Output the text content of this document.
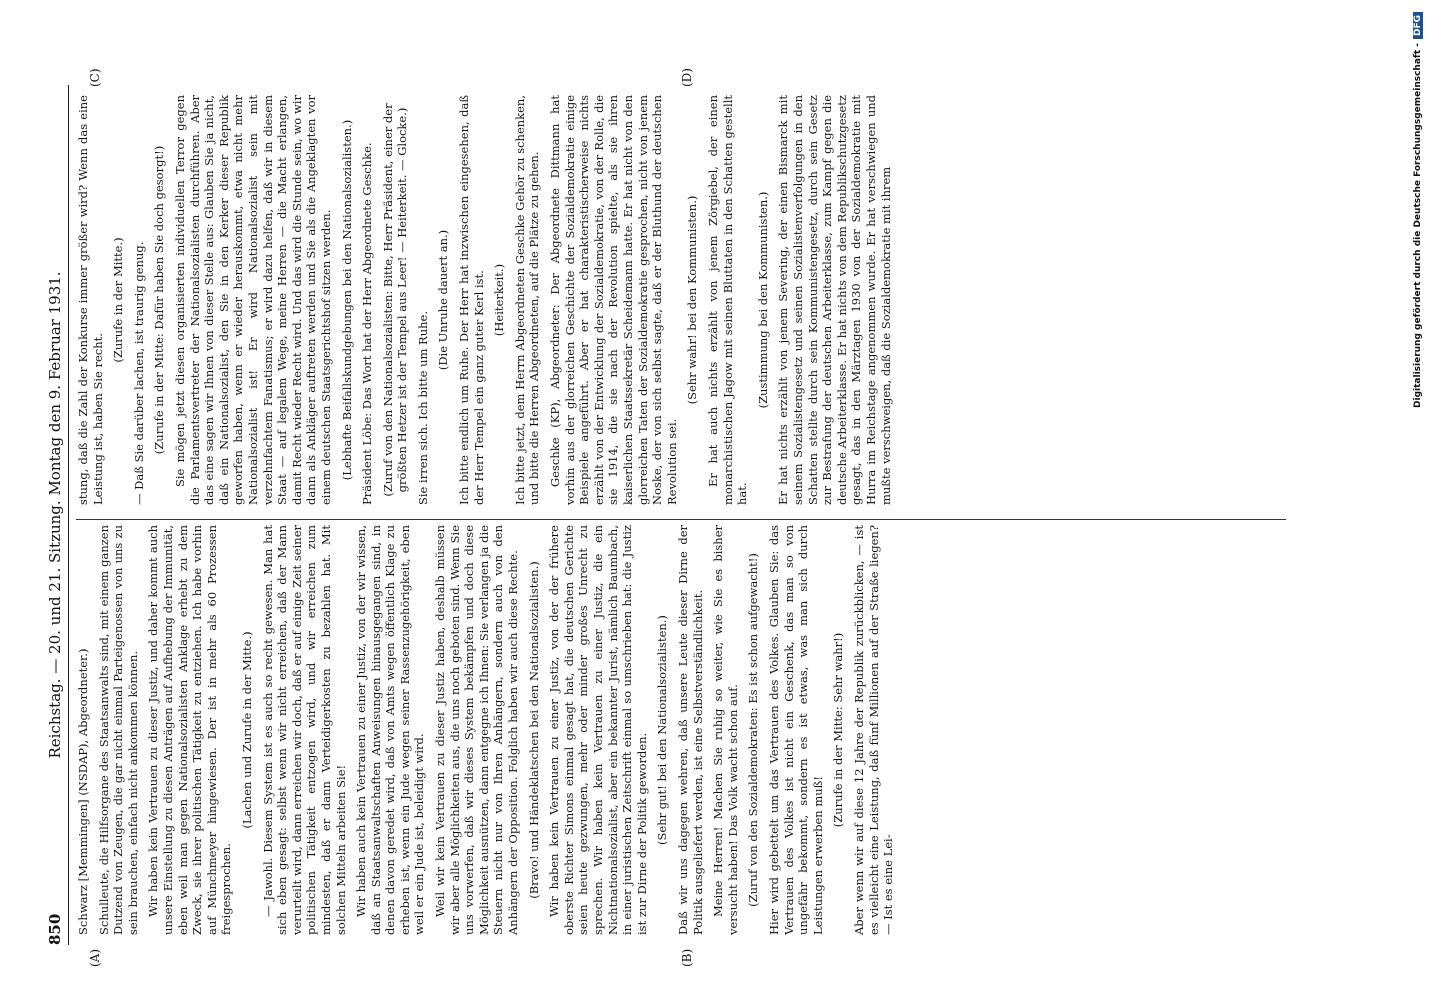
850
Reichstag. — 20. und 21. Sitzung. Montag den 9. Februar 1931.
(A)	(B)
(C)	(D)

Schwarz [Memmingen] (NSDAP), Abgeordneter.) Schulleute, die Hilfsorgane des Staatsanwalts sind, mit einem ganzen Dutzend von Zeugen, die gar nicht einmal Parteigenossen von uns zu sein brauchen, einfach nicht ankommen können. Wir haben kein Vertrauen zu dieser Justiz, und daher kommt auch unsere Einstellung zu diesen Anträgen auf Aufhebung der Immunität, eben weil man gegen Nationalsozialisten Anklage erhebt zu dem Zweck, sie ihrer politischen Tätigkeit zu entziehen. Ich habe vorhin auf Münchmeyer hingewiesen. Der ist in mehr als 60 Prozessen freigesprochen.

(Lachen und Zurufe in der Mitte.) — Jawohl. Diesem System ist es auch so recht gewesen. Man hat sich eben gesagt: selbst wenn wir nicht erreichen, daß der Mann verurteilt wird, dann erreichen wir doch, daß er auf einige Zeit seiner politischen Tätigkeit entzogen wird, und wir erreichen zum mindesten, daß er dann Verteidigerkosten zu bezahlen hat. Mit solchen Mitteln arbeiten Sie! Wir haben auch kein Vertrauen zu einer Justiz, von der wir wissen, daß an Staatsanwaltschaften Anweisungen hinausgegangen sind, in denen davon geredet wird, daß von Amts wegen öffentlich Klage zu erheben ist, wenn ein Jude wegen seiner Rassenzugehörigkeit, eben weil er ein Jude ist, beleidigt wird. Weil wir kein Vertrauen zu dieser Justiz haben, deshalb müssen wir aber alle Möglichkeiten aus, die uns noch geboten sind. Wenn Sie uns vorwerfen, daß wir dieses System bekämpfen und doch diese Möglichkeit ausnützen, dann entgegne ich Ihnen: Sie verlangen ja die Steuern nicht nur von Ihren Anhängern, sondern auch von den Anhängern der Opposition. Folglich haben wir auch diese Rechte. (Bravo! und Händeklatschen bei den Nationalsozialisten.) Wir haben kein Vertrauen zu einer Justiz, von der der frühere oberste Richter Simons einmal gesagt hat, die deutschen Gerichte seien heute gezwungen, mehr oder minder großes Unrecht zu sprechen. Wir haben kein Vertrauen zu einer Justiz, die ein Nichtnationalsozialist, aber ein bekannter Jurist, nämlich Baumbach, in einer juristischen Zeitschrift einmal so umschrieben hat: die Justiz ist zur Dirne der Politik geworden. (Sehr gut! bei den Nationalsozialisten.) Daß wir uns dagegen wehren, daß unsere Leute dieser Dirne der Politik ausgeliefert werden, ist eine Selbstverständlichkeit. Meine Herren! Machen Sie ruhig so weiter, wie Sie es bisher versucht haben! Das Volk wacht schon auf. (Zuruf von den Sozialdemokraten: Es ist schon aufgewacht!) Hier wird gebettelt um das Vertrauen des Volkes. Glauben Sie: das Vertrauen des Volkes ist nicht ein Geschenk, das man so von ungefähr bekommt, sondern es ist etwas, was man sich durch Leistungen erwerben muß!

(Zurufe in der Mitte: Sehr wahr!) Aber wenn wir auf diese 12 Jahre der Republik zurückblicken, — ist es vielleicht eine Leistung, daß fünf Millionen auf der Straße liegen? — Ist es eine Lei-

stung, daß die Zahl der Konkurse immer größer wird? Wenn das eine Leistung ist, haben Sie recht.

(Zurufe in der Mitte.) — Daß Sie darüber lachen, ist traurig genug. (Zurufe in der Mitte: Dafür haben Sie doch gesorgt!) Sie mögen jetzt diesen organisierten individuellen Terror gegen die Parlamentsvertreter der Nationalsozialisten durchführen. Aber das eine sagen wir Ihnen von dieser Stelle aus: Glauben Sie ja nicht, daß ein Nationalsozialist, den Sie in den Kerker dieser Republik geworfen haben, wenn er wieder herauskommt, etwa nicht mehr Nationalsozialist ist! Er wird Nationalsozialist sein mit verzehnfachtem Fanatismus; er wird dazu helfen, daß wir in diesem Staat — auf legalem Wege, meine Herren — die Macht erlangen, damit Recht wieder Recht wird. Und das wird die Stunde sein, wo wir dann als Ankläger auftreten werden und Sie als die Angeklagten vor einem deutschen Staatsgerichtshof sitzen werden. (Lebhafte Beifallskundgebungen bei den Nationalsozialisten.) Präsident Löbe: Das Wort hat der Herr Abgeordnete Geschke. (Zuruf von den Nationalsozialisten: Bitte, Herr Präsident, einer der größten Hetzer ist der Tempel aus Leer! — Heiterkeit. — Glocke.) Sie irren sich. Ich bitte um Ruhe.

(Die Unruhe dauert an.) Ich bitte endlich um Ruhe. Der Herr hat inzwischen eingesehen, daß der Herr Tempel ein ganz guter Kerl ist. (Heiterkeit.) Ich bitte jetzt, dem Herrn Abgeordneten Geschke Gehör zu schenken, und bitte die Herren Abgeordneten, auf die Plätze zu gehen. Geschke (KP), Abgeordneter: Der Abgeordnete Dittmann hat vorhin aus der glorreichen Geschichte der Sozialdemokratie einige Beispiele angeführt. Aber er hat charakteristischerweise nichts erzählt von der Entwicklung der Sozialdemokratie, von der Rolle, die sie 1914, die sie nach der Revolution spielte, als sie ihren kaiserlichen Staatssekretär Scheidemann hatte. Er hat nicht von den glorreichen Taten der Sozialdemokratie gesprochen, nicht von jenem Noske, der von sich selbst sagte, daß er der Bluthund der deutschen Revolution sei.

(Sehr wahr! bei den Kommunisten.) Er hat auch nichts erzählt von jenem Zörgiebel, der einen monarchistischen Jagow mit seinen Bluttaten in den Schatten gestellt hat.

(Zustimmung bei den Kommunisten.) Er hat nichts erzählt von jenem Severing, der einen Bismarck mit seinem Sozialistengesetz und seinen Sozialistenverfolgungen in den Schatten stellte durch sein Kommunistengesetz, durch sein Gesetz zur Bestrafung der deutschen Arbeiterklasse, zum Kampf gegen die deutsche Arbeiterklasse. Er hat nichts von dem Republikschutzgesetz gesagt, das in den Märztagen 1930 von der Sozialdemokratie mit Hurra im Reichstage angenommen wurde. Er hat verschwiegen und mußte verschweigen, daß die Sozialdemokratie mit ihrem	Digitalisierung gefördert durch die Deutsche Forschungsgemeinschaft -DFG
